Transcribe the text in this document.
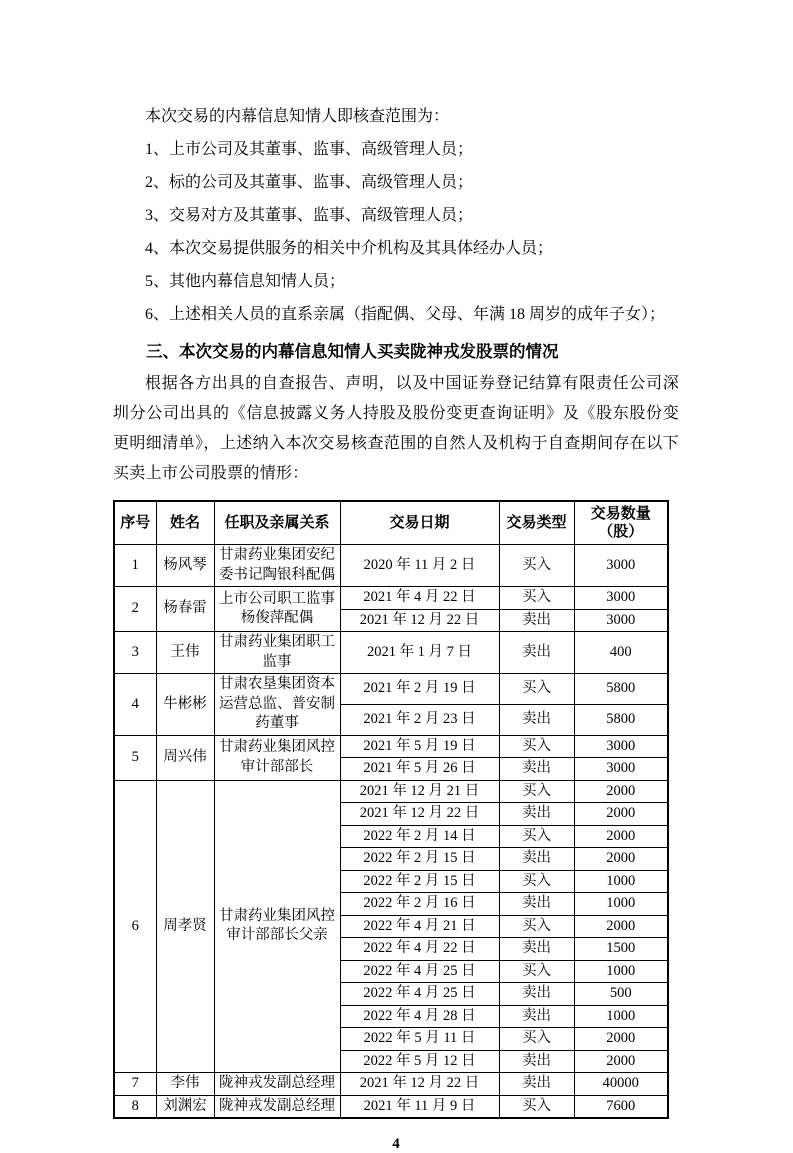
本次交易的内幕信息知情人即核查范围为：

1、上市公司及其董事、监事、高级管理人员；

2、标的公司及其董事、监事、高级管理人员；

3、交易对方及其董事、监事、高级管理人员；

4、本次交易提供服务的相关中介机构及其具体经办人员；

5、其他内幕信息知情人员；

6、上述相关人员的直系亲属（指配偶、父母、年满 18 周岁的成年子女）；

三、本次交易的内幕信息知情人买卖陇神戎发股票的情况

根据各方出具的自查报告、声明，以及中国证券登记结算有限责任公司深圳分公司出具的《信息披露义务人持股及股份变更查询证明》及《股东股份变更明细清单》，上述纳入本次交易核查范围的自然人及机构于自查期间存在以下买卖上市公司股票的情形：

序号	姓名	任职及亲属关系	交易日期	交易类型	交易数量（股）
1	杨风琴	甘肃药业集团安纪委书记陶银科配偶	2020 年 11 月 2 日	买入	3000
2	杨春雷	上市公司职工监事杨俊萍配偶	2021 年 4 月 22 日	买入	3000
			2021 年 12 月 22 日	卖出	3000
3	王伟	甘肃药业集团职工监事	2021 年 1 月 7 日	卖出	400
4	牛彬彬	甘肃农垦集团资本运营总监、普安制药董事	2021 年 2 月 19 日	买入	5800
			2021 年 2 月 23 日	卖出	5800
5	周兴伟	甘肃药业集团风控审计部部长	2021 年 5 月 19 日	买入	3000
			2021 年 5 月 26 日	卖出	3000
6	周孝贤	甘肃药业集团风控审计部部长父亲	2021 年 12 月 21 日	买入	2000
			2021 年 12 月 22 日	卖出	2000
			2022 年 2 月 14 日	买入	2000
			2022 年 2 月 15 日	卖出	2000
			2022 年 2 月 15 日	买入	1000
			2022 年 2 月 16 日	卖出	1000
			2022 年 4 月 21 日	买入	2000
			2022 年 4 月 22 日	卖出	1500
			2022 年 4 月 25 日	买入	1000
			2022 年 4 月 25 日	卖出	500
			2022 年 4 月 28 日	卖出	1000
			2022 年 5 月 11 日	买入	2000
			2022 年 5 月 12 日	卖出	2000
7	李伟	陇神戎发副总经理	2021 年 12 月 22 日	卖出	40000
8	刘渊宏	陇神戎发副总经理	2021 年 11 月 9 日	买入	7600
4
